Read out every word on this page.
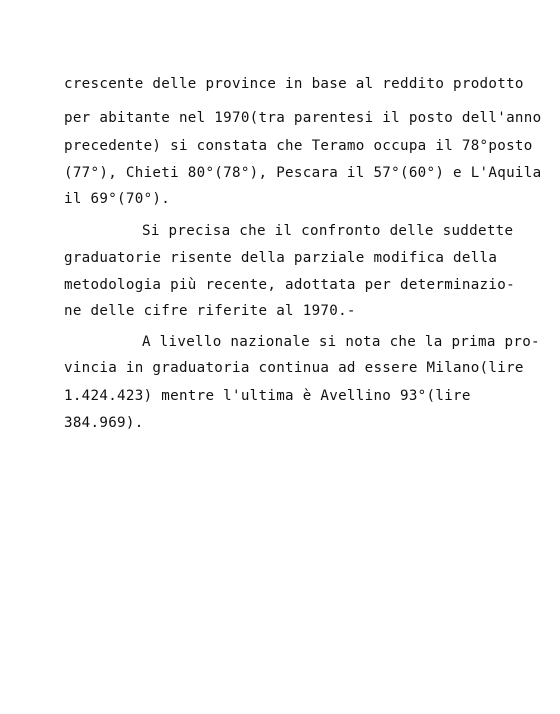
crescente delle province in base al reddito prodotto
per abitante nel 1970(tra parentesi il posto dell'anno
precedente) si constata che Teramo occupa il 78°posto
(77°), Chieti 80°(78°), Pescara il 57°(60°) e L'Aquila
il 69°(70°).
Si precisa che il confronto delle suddette
graduatorie risente della parziale modifica della
metodologia più recente, adottata per determinazio-
ne delle cifre riferite al 1970.-
A livello nazionale si nota che la prima pro-
vincia in graduatoria continua ad essere Milano(lire
1.424.423) mentre l'ultima è Avellino 93°(lire
384.969).
